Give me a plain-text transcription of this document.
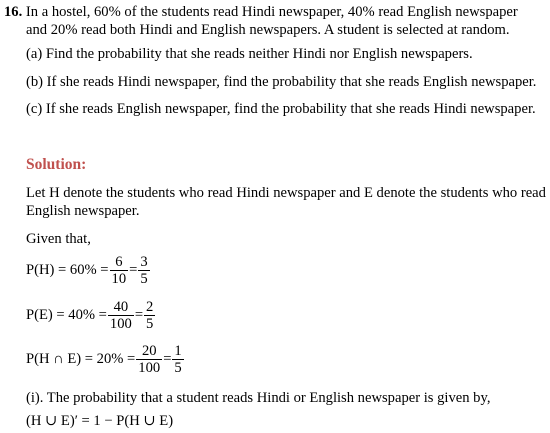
16. In a hostel, 60% of the students read Hindi newspaper, 40% read English newspaper
and 20% read both Hindi and English newspapers. A student is selected at random.
(a) Find the probability that she reads neither Hindi nor English newspapers.
(b) If she reads Hindi newspaper, find the probability that she reads English newspaper.
(c) If she reads English newspaper, find the probability that she reads Hindi newspaper.
Solution:
Let H denote the students who read Hindi newspaper and E denote the students who read
English newspaper.
Given that,
$P(H) = 60\% = \frac{6}{10} = \frac{3}{5}$
$P(E) = 40\% = \frac{40}{100} = \frac{2}{5}$
P(H ∩ $E) = 20\% = \frac{20}{100} = \frac{1}{5}$
(i). The probability that a student reads Hindi or English newspaper is given by,
(H ∪ E)′ = 1 − P(H ∪ E)
